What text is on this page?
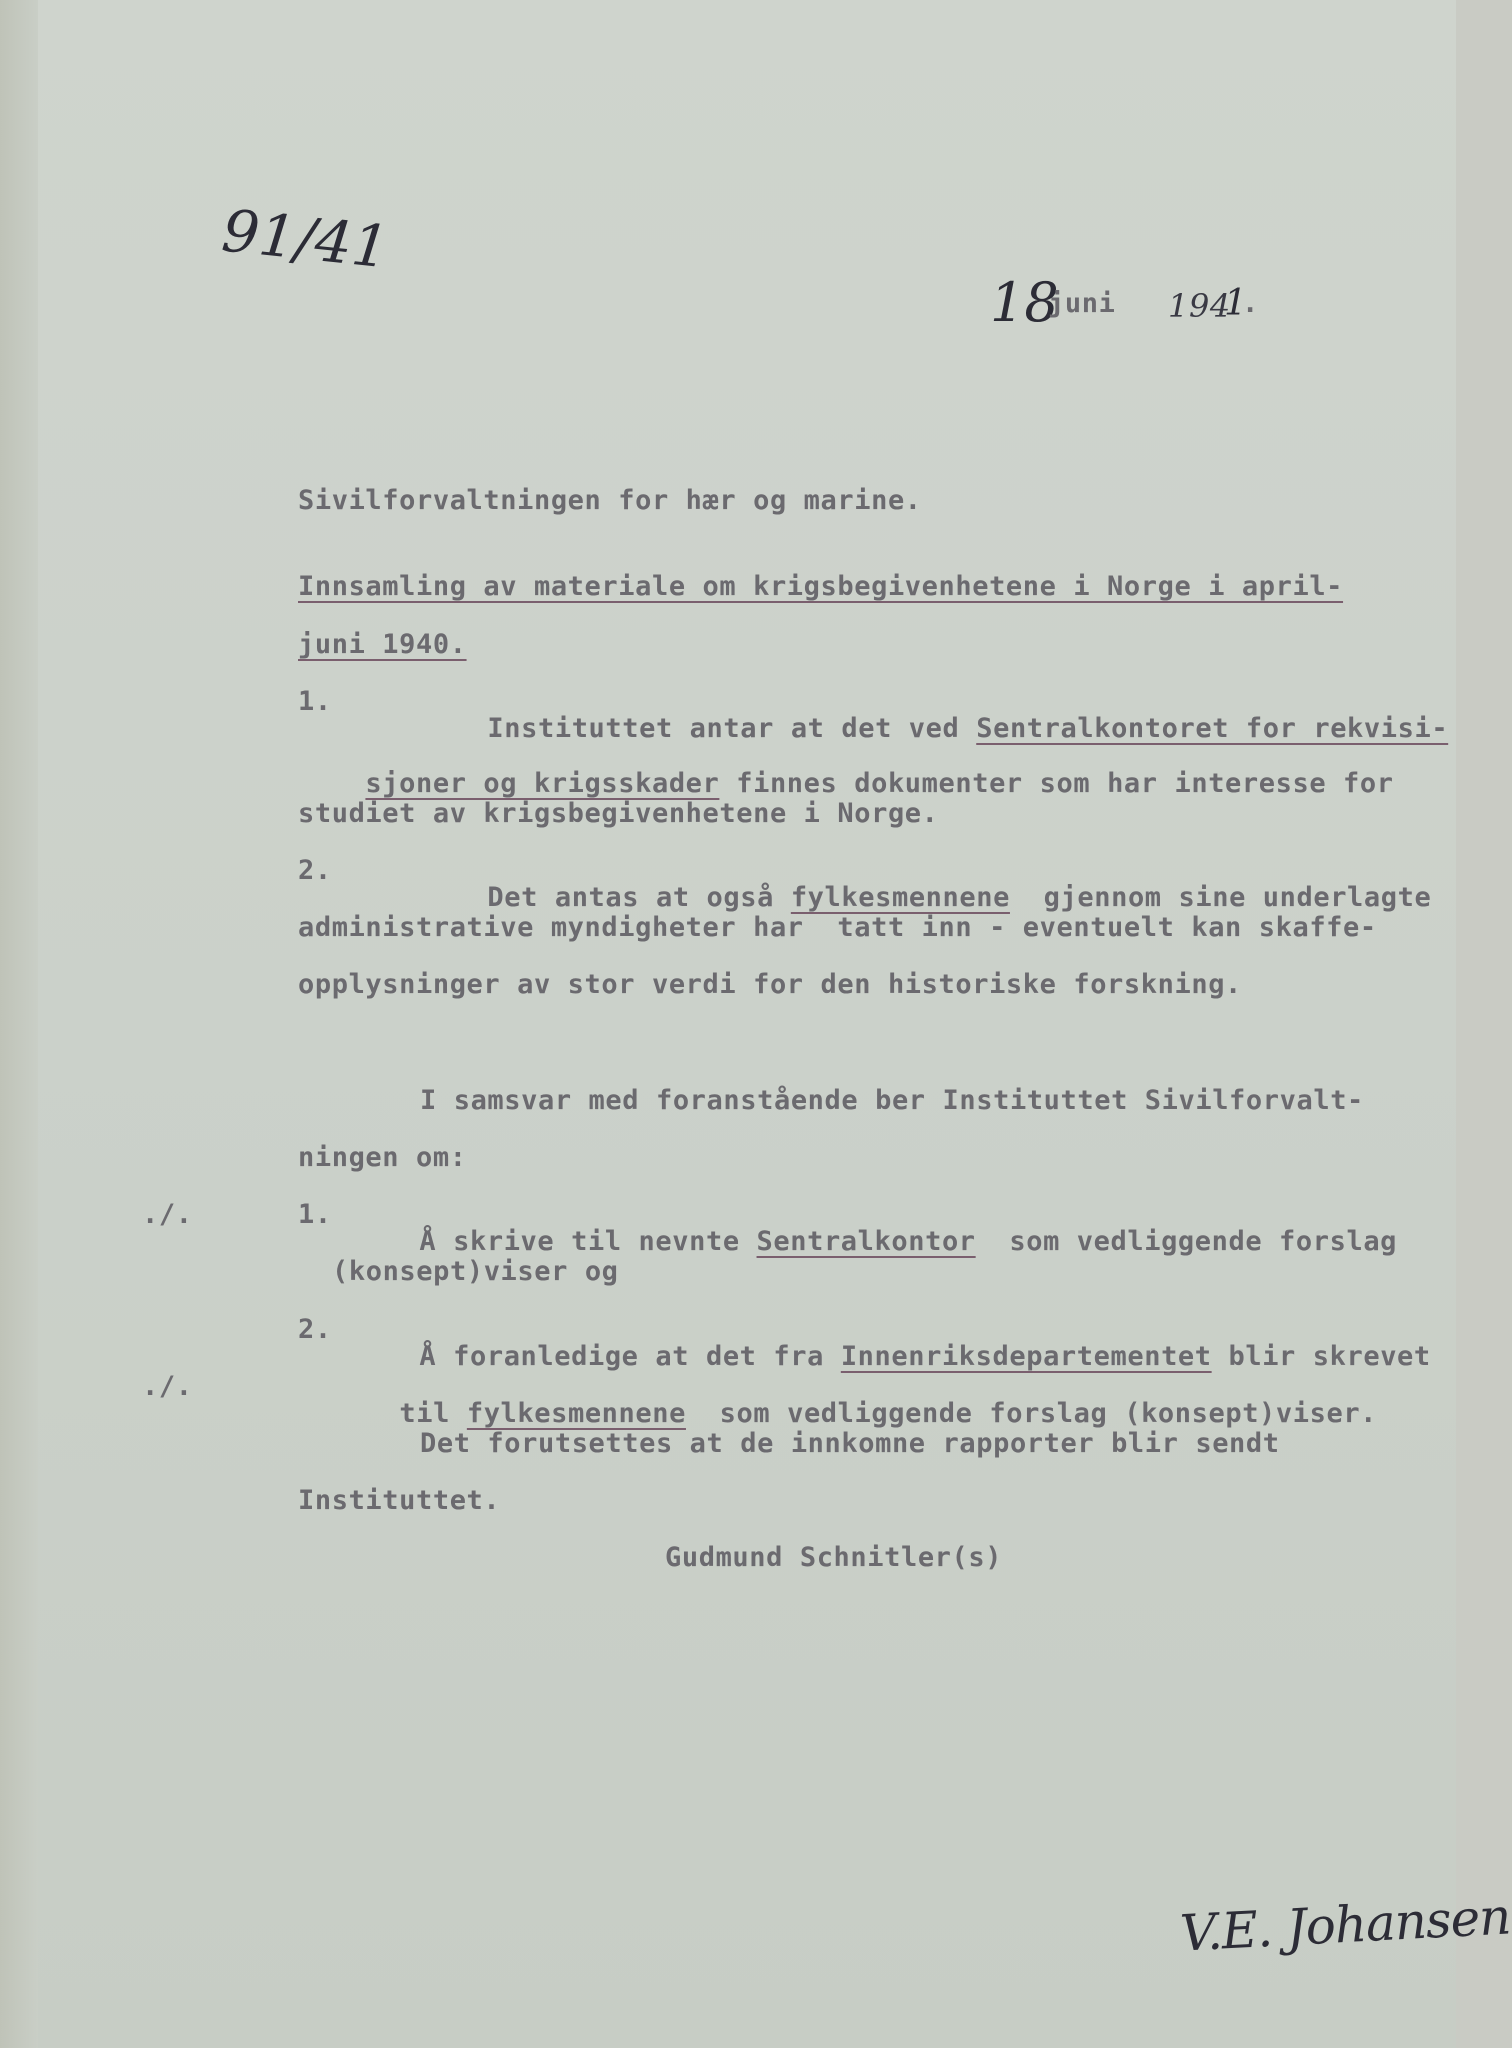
91/41
18
juni 194
1
.
Sivilforvaltningen for hær og marine.
Innsamling av materiale om krigsbegivenhetene i Norge i april-
juni 1940.
1.

Instituttet antar at det ved Sentralkontoret for rekvisi-

sjoner og krigsskader finnes dokumenter som har interesse for

studiet av krigsbegivenhetene i Norge.
2.

Det antas at også fylkesmennene  gjennom sine underlagte

administrative myndigheter har  tatt inn - eventuelt kan skaffe-
opplysninger av stor verdi for den historiske forskning.
I samsvar med foranstående ber Instituttet Sivilforvalt-
ningen om:
./.	1.

Å skrive til nevnte Sentralkontor  som vedliggende forslag

(konsept)viser og
2.

Å foranledige at det fra Innenriksdepartementet blir skrevet

./.

til fylkesmennene  som vedliggende forslag (konsept)viser.

Det forutsettes at de innkomne rapporter blir sendt
Instituttet.
Gudmund Schnitler(s)
V.E. Johansen
